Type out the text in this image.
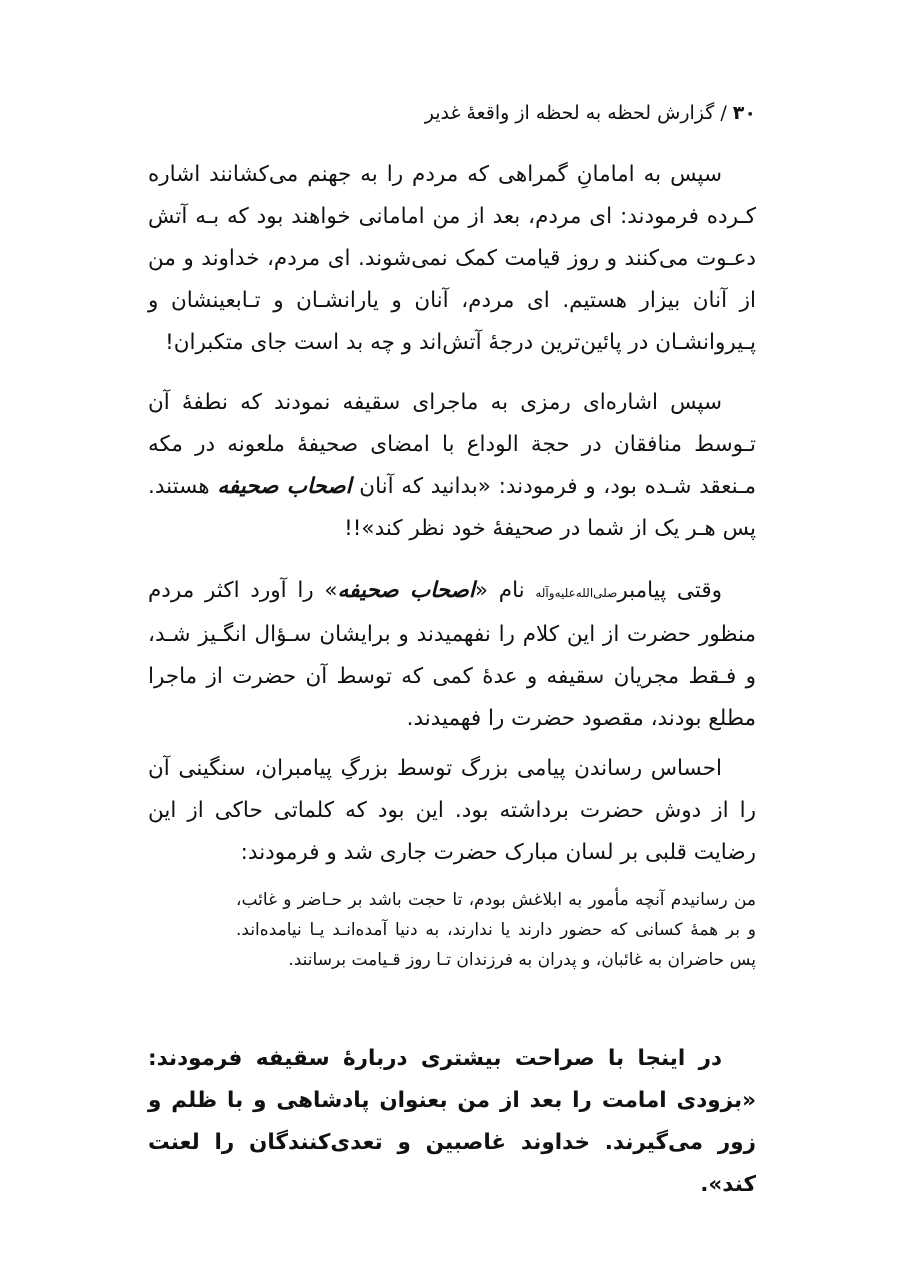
۳۰ / گزارش لحظه به لحظه از واقعهٔ غدیر

سپس به امامانِ گمراهی که مردم را به جهنم می‌کشانند اشاره کـرده فرمودند: ای مردم، بعد از من امامانی خواهند بود که بـه آتش دعـوت می‌کنند و روز قیامت کمک نمی‌شوند. ای مردم، خداوند و من از آنان بیزار هستیم. ای مردم، آنان و یارانشـان و تـابعینشان و پـیروانشـان در پائین‌ترین درجهٔ آتش‌اند و چه بد است جای متکبران!

سپس اشاره‌ای رمزی به ماجرای سقیفه نمودند که نطفهٔ آن تـوسط منافقان در حجة الوداع با امضای صحیفهٔ ملعونه در مکه مـنعقد شـده بود، و فرمودند: «بدانید که آنان اصحاب صحیفه هستند. پس هـر یک از شما در صحیفهٔ خود نظر کند»!!

وقتی پیامبرصلی‌الله‌علیه‌وآله نام «اصحاب صحیفه» را آورد اکثر مردم منظور حضرت از این کلام را نفهمیدند و برایشان سـؤال انگـیز شـد، و فـقط مجریان سقیفه و عدهٔ کمی که توسط آن حضرت از ماجرا مطلع بودند، مقصود حضرت را فهمیدند.

احساس رساندن پیامی بزرگ توسط بزرگِ پیامبران، سنگینی آن را از دوش حضرت برداشته بود. این بود که کلماتی حاکی از این رضایت قلبی بر لسان مبارک حضرت جاری شد و فرمودند:

من رسانیدم آنچه مأمور به ابلاغش بودم، تا حجت باشد بر حـاضر و غائب، و بر همهٔ کسانی که حضور دارند یا ندارند، به دنیا آمده‌انـد یـا نیامده‌اند. پس حاضران به غائبان، و پدران به فرزندان تـا روز قـیامت برسانند.

در اینجا با صراحت بیشتری دربارهٔ سقیفه فرمودند: «بزودی امامت را بعد از من بعنوان پادشاهی و با ظلم و زور می‌گیرند. خداوند غاصبین و تعدی‌کنندگان را لعنت کند».
